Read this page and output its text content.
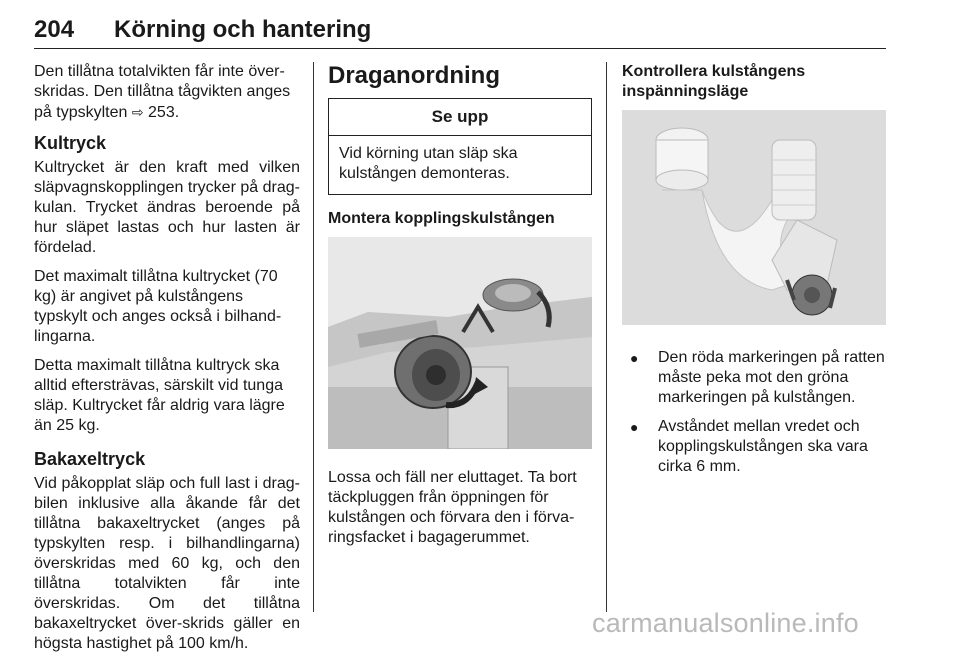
204 Körning och hantering

Den tillåtna totalvikten får inte över-skridas. Den tillåtna tågvikten anges på typskylten ⇨ 253.

Kultryck

Kultrycket är den kraft med vilken släpvagnskopplingen trycker på drag-kulan. Trycket ändras beroende på hur släpet lastas och hur lasten är fördelad.

Det maximalt tillåtna kultrycket (70 kg) är angivet på kulstångens typskylt och anges också i bilhand-lingarna.

Detta maximalt tillåtna kultryck ska alltid eftersträvas, särskilt vid tunga släp. Kultrycket får aldrig vara lägre än 25 kg.

Bakaxeltryck

Vid påkopplat släp och full last i drag-bilen inklusive alla åkande får det tillåtna bakaxeltrycket (anges på typskylten resp. i bilhandlingarna) överskridas med 60 kg, och den tillåtna totalvikten får inte överskridas. Om det tillåtna bakaxeltrycket över-skrids gäller en högsta hastighet på 100 km/h.

Draganordning
Se upp
Vid körning utan släp ska kulstången demonteras.
Montera kopplingskulstången

Lossa och fäll ner eluttaget. Ta bort täckpluggen från öppningen för kulstången och förvara den i förva-ringsfacket i bagagerummet.

Kontrollera kulstångens inspänningsläge
● Den röda markeringen på ratten måste peka mot den gröna markeringen på kulstången.
● Avståndet mellan vredet och kopplingskulstången ska vara cirka 6 mm.
carmanualsonline.info
